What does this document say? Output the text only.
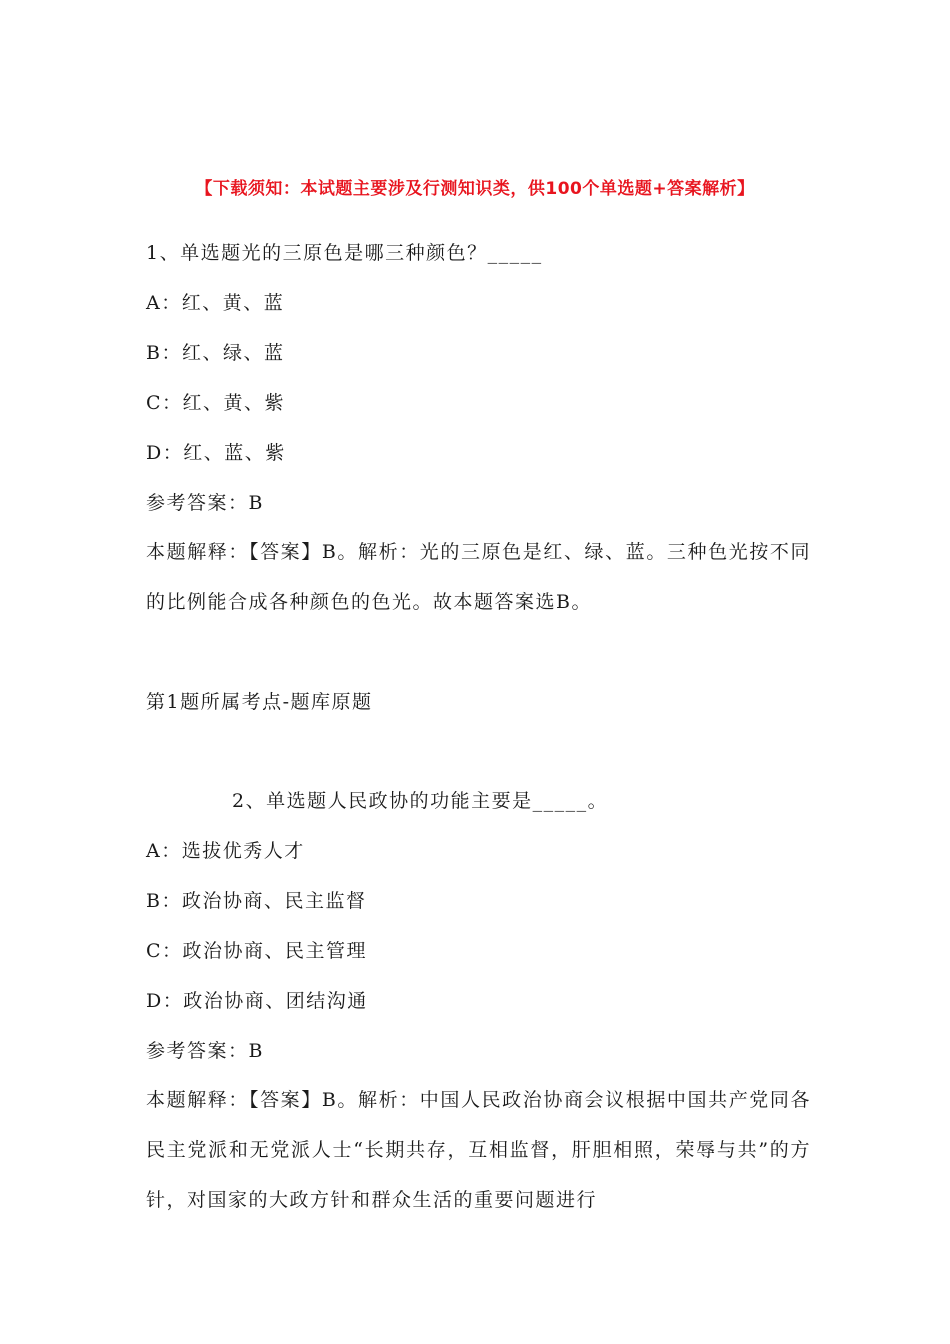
【下载须知：本试题主要涉及行测知识类，供100个单选题+答案解析】
1、单选题光的三原色是哪三种颜色？_____
A：红、黄、蓝
B：红、绿、蓝
C：红、黄、紫
D：红、蓝、紫
参考答案：B
本题解释：【答案】B。解析：光的三原色是红、绿、蓝。三种色光按不同的比例能合成各种颜色的色光。故本题答案选B。
第1题所属考点-题库原题
2、单选题人民政协的功能主要是_____。
A：选拔优秀人才
B：政治协商、民主监督
C：政治协商、民主管理
D：政治协商、团结沟通
参考答案：B
本题解释：【答案】B。解析：中国人民政治协商会议根据中国共产党同各民主党派和无党派人士“长期共存，互相监督，肝胆相照，荣辱与共”的方针，对国家的大政方针和群众生活的重要问题进行
